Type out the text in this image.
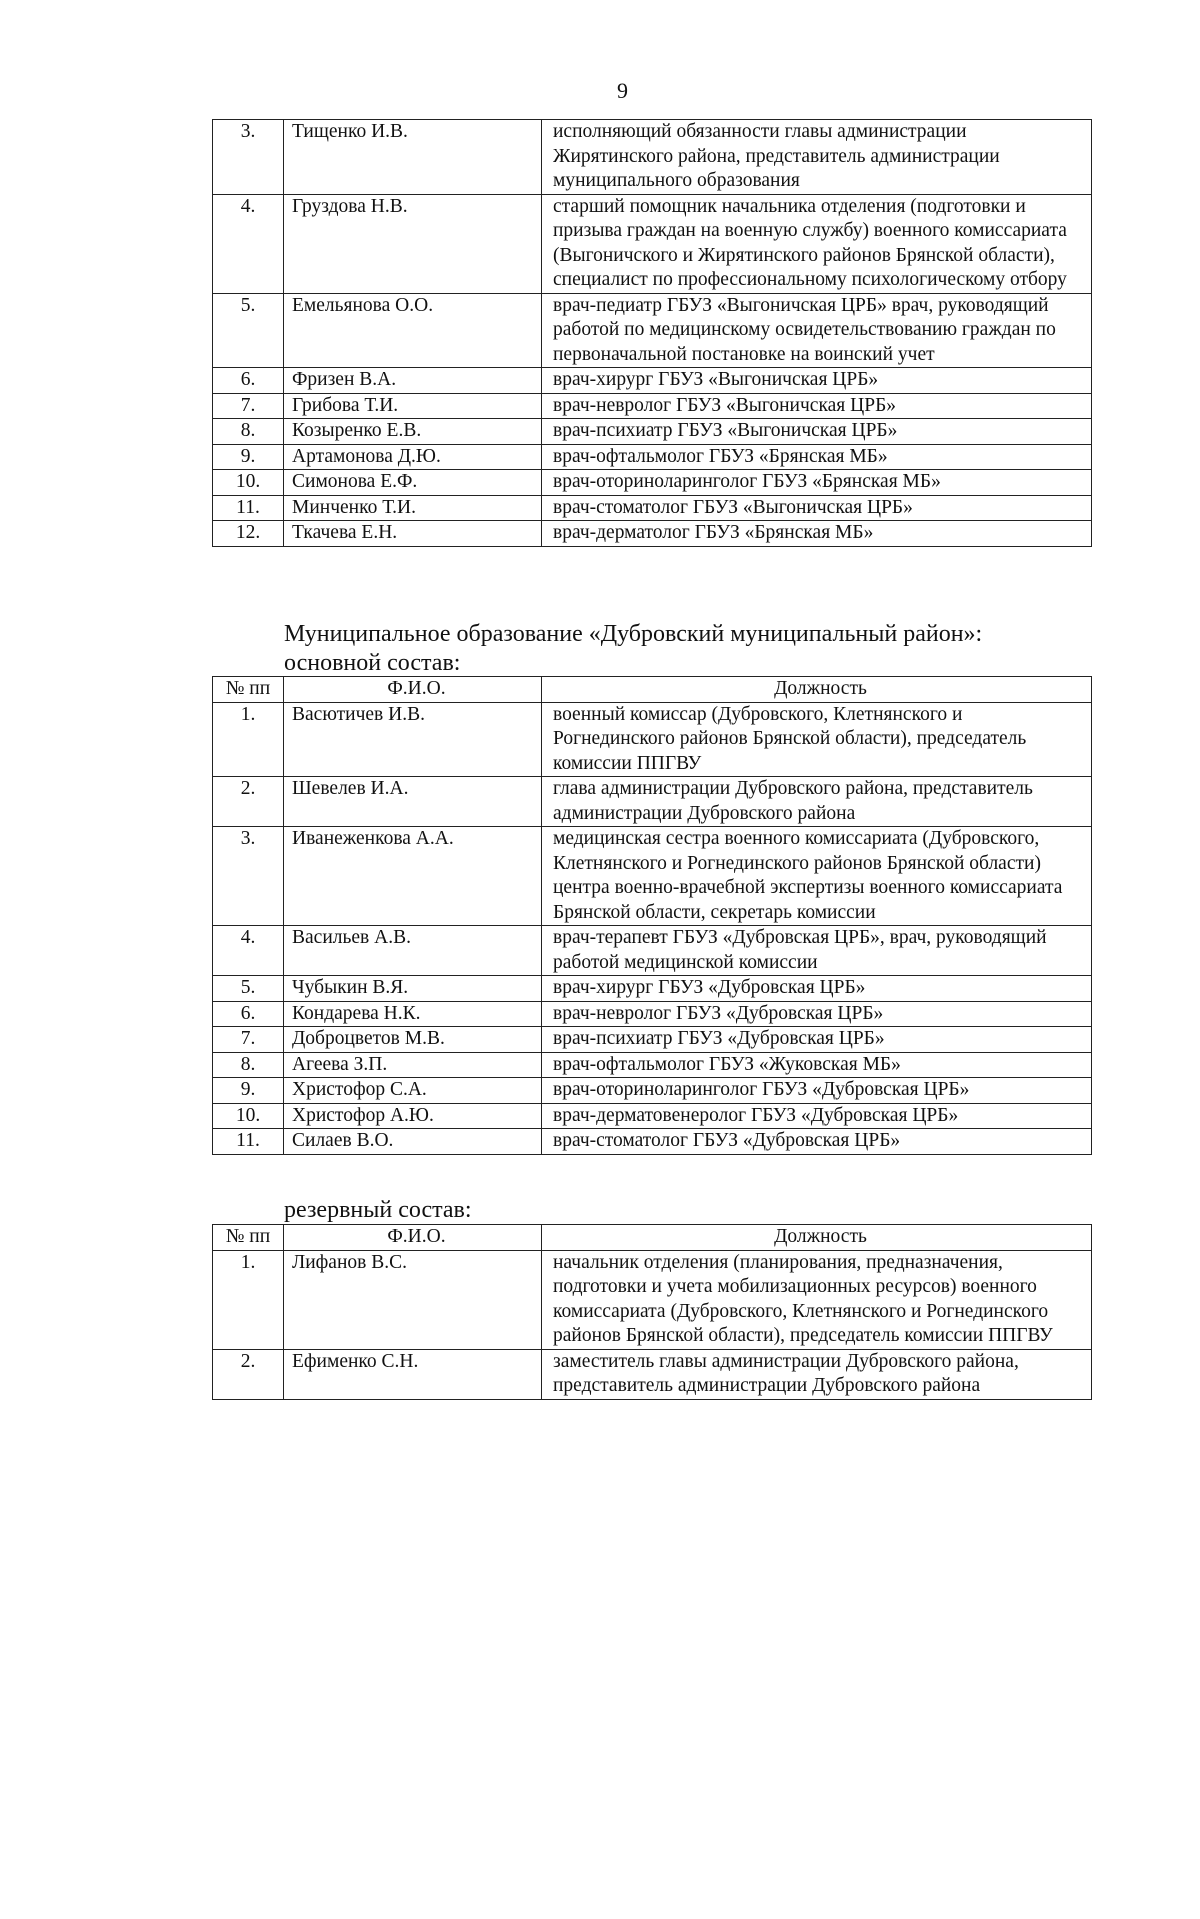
9
3.	Тищенко И.В.	исполняющий обязанности главы администрации Жирятинского района, представитель администрации муниципального образования
4.	Груздова Н.В.	старший помощник начальника отделения (подготовки и призыва граждан на военную службу) военного комиссариата (Выгоничского и Жирятинского районов Брянской области), специалист по профессиональному психологическому отбору
5.	Емельянова О.О.	врач-педиатр ГБУЗ «Выгоничская ЦРБ» врач, руководящий работой по медицинскому освидетельствованию граждан по первоначальной постановке на воинский учет
6.	Фризен В.А.	врач-хирург ГБУЗ «Выгоничская ЦРБ»
7.	Грибова Т.И.	врач-невролог ГБУЗ «Выгоничская ЦРБ»
8.	Козыренко Е.В.	врач-психиатр ГБУЗ «Выгоничская ЦРБ»
9.	Артамонова Д.Ю.	врач-офтальмолог ГБУЗ «Брянская МБ»
10.	Симонова Е.Ф.	врач-оториноларинголог ГБУЗ «Брянская МБ»
11.	Минченко Т.И.	врач-стоматолог ГБУЗ «Выгоничская ЦРБ»
12.	Ткачева Е.Н.	врач-дерматолог ГБУЗ «Брянская МБ»
Муниципальное образование «Дубровский муниципальный район»:
основной состав:
№ пп	Ф.И.О.	Должность
1.	Васютичев И.В.	военный комиссар (Дубровского, Клетнянского и Рогнединского районов Брянской области), председатель комиссии ППГВУ
2.	Шевелев И.А.	глава администрации Дубровского района, представитель администрации Дубровского района
3.	Иванеженкова А.А.	медицинская сестра военного комиссариата (Дубровского, Клетнянского и Рогнединского районов Брянской области) центра военно-врачебной экспертизы военного комиссариата Брянской области, секретарь комиссии
4.	Васильев А.В.	врач-терапевт ГБУЗ «Дубровская ЦРБ», врач, руководящий работой медицинской комиссии
5.	Чубыкин В.Я.	врач-хирург ГБУЗ «Дубровская ЦРБ»
6.	Кондарева Н.К.	врач-невролог ГБУЗ «Дубровская ЦРБ»
7.	Доброцветов М.В.	врач-психиатр ГБУЗ «Дубровская ЦРБ»
8.	Агеева З.П.	врач-офтальмолог ГБУЗ «Жуковская МБ»
9.	Христофор С.А.	врач-оториноларинголог ГБУЗ «Дубровская ЦРБ»
10.	Христофор А.Ю.	врач-дерматовенеролог ГБУЗ «Дубровская ЦРБ»
11.	Силаев В.О.	врач-стоматолог ГБУЗ «Дубровская ЦРБ»
резервный состав:
№ пп	Ф.И.О.	Должность
1.	Лифанов В.С.	начальник отделения (планирования, предназначения, подготовки и учета мобилизационных ресурсов) военного комиссариата (Дубровского, Клетнянского и Рогнединского районов Брянской области), председатель комиссии ППГВУ
2.	Ефименко С.Н.	заместитель главы администрации Дубровского района, представитель администрации Дубровского района
